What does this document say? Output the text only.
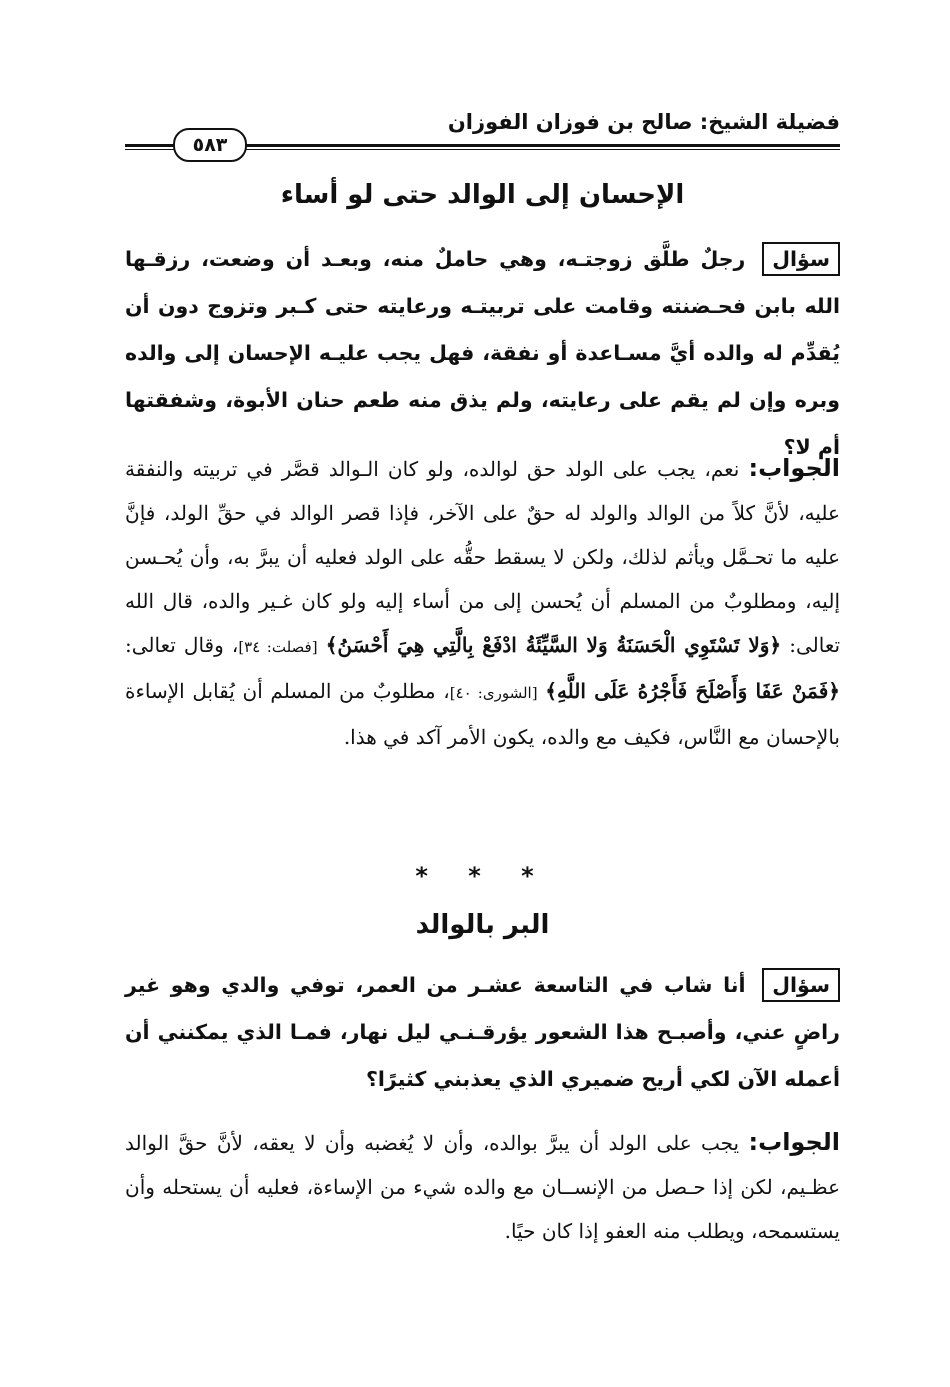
فضيلة الشيخ: صالح بن فوزان الفوزان
٥٨٣
الإحسان إلى الوالد حتى لو أساء
سؤال رجلٌ طلَّق زوجتـه، وهي حاملٌ منه، وبعـد أن وضعت، رزقـها الله بابن فحـضنته وقامت على تربيتـه ورعايته حتى كـبر وتزوج دون أن يُقدِّم له والده أيَّ مسـاعدة أو نفقة، فهل يجب عليـه الإحسان إلى والده وبره وإن لم يقم على رعايته، ولم يذق منه طعم حنان الأبوة، وشفقتها أم لا؟
الجواب: نعم، يجب على الولد حق لوالده، ولو كان الـوالد قصَّر في تربيته والنفقة عليه، لأنَّ كلاً من الوالد والولد له حقٌ على الآخر، فإذا قصر الوالد في حقِّ الولد، فإنَّ عليه ما تحـمَّل ويأثم لذلك، ولكن لا يسقط حقُّه على الولد فعليه أن يبرَّ به، وأن يُحـسن إليه، ومطلوبٌ من المسلم أن يُحسن إلى من أساء إليه ولو كان غـير والده، قال الله تعالى: ﴿وَلا تَسْتَوِي الْحَسَنَةُ وَلا السَّيِّئَةُ ادْفَعْ بِالَّتِي هِيَ أَحْسَنُ﴾ [فصلت: ٣٤]، وقال تعالى: ﴿فَمَنْ عَفَا وَأَصْلَحَ فَأَجْرُهُ عَلَى اللَّهِ﴾ [الشورى: ٤٠]، مطلوبٌ من المسلم أن يُقابل الإساءة بالإحسان مع النَّاس، فكيف مع والده، يكون الأمر آكد في هذا.
* * *
البر بالوالد
سؤال أنا شاب في التاسعة عشـر من العمر، توفي والدي وهو غير راضٍ عني، وأصبـح هذا الشعور يؤرقـنـي ليل نهار، فمـا الذي يمكنني أن أعمله الآن لكي أريح ضميري الذي يعذبني كثيرًا؟
الجواب: يجب على الولد أن يبرَّ بوالده، وأن لا يُغضبه وأن لا يعقه، لأنَّ حقَّ الوالد عظـيم، لكن إذا حـصل من الإنســان مع والده شيء من الإساءة، فعليه أن يستحله وأن يستسمحه، ويطلب منه العفو إذا كان حيًا.
